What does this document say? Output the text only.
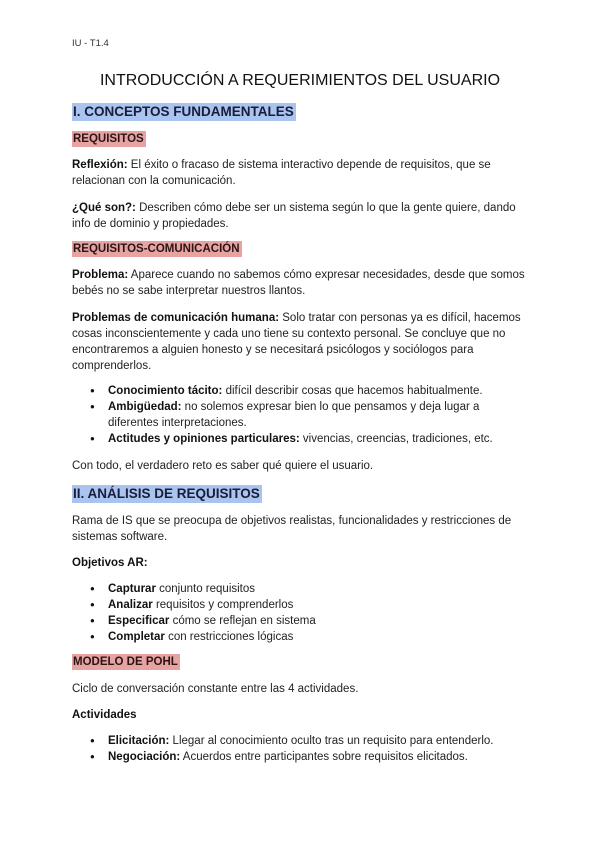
IU - T1.4
INTRODUCCIÓN A REQUERIMIENTOS DEL USUARIO
I. CONCEPTOS FUNDAMENTALES
REQUISITOS

Reflexión: El éxito o fracaso de sistema interactivo depende de requisitos, que se relacionan con la comunicación.

¿Qué son?: Describen cómo debe ser un sistema según lo que la gente quiere, dando info de dominio y propiedades.

REQUISITOS-COMUNICACIÓN

Problema: Aparece cuando no sabemos cómo expresar necesidades, desde que somos bebés no se sabe interpretar nuestros llantos.

Problemas de comunicación humana: Solo tratar con personas ya es difícil, hacemos cosas inconscientemente y cada uno tiene su contexto personal. Se concluye que no encontraremos a alguien honesto y se necesitará psicólogos y sociólogos para comprenderlos.

● Conocimiento tácito: difícil describir cosas que hacemos habitualmente.
● Ambigüedad: no solemos expresar bien lo que pensamos y deja lugar a diferentes interpretaciones.
● Actitudes y opiniones particulares: vivencias, creencias, tradiciones, etc.

Con todo, el verdadero reto es saber qué quiere el usuario.

II. ANÁLISIS DE REQUISITOS

Rama de IS que se preocupa de objetivos realistas, funcionalidades y restricciones de sistemas software.

Objetivos AR:

● Capturar conjunto requisitos
● Analizar requisitos y comprenderlos
● Especificar cómo se reflejan en sistema
● Completar con restricciones lógicas
MODELO DE POHL

Ciclo de conversación constante entre las 4 actividades.

Actividades

● Elicitación: Llegar al conocimiento oculto tras un requisito para entenderlo.
● Negociación: Acuerdos entre participantes sobre requisitos elicitados.
